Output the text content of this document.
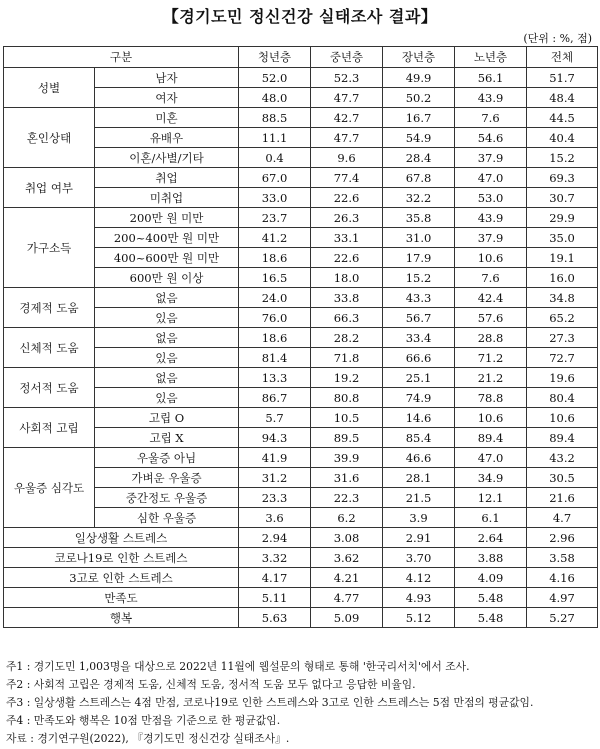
【경기도민 정신건강 실태조사 결과】
(단위 : %, 점)
구분		청년층	중년층	장년층	노년층	전체
성별	남자	52.0	52.3	49.9	56.1	51.7
	여자	48.0	47.7	50.2	43.9	48.4
혼인상태	미혼	88.5	42.7	16.7	7.6	44.5
	유배우	11.1	47.7	54.9	54.6	40.4
	이혼/사별/기타	0.4	9.6	28.4	37.9	15.2
취업 여부	취업	67.0	77.4	67.8	47.0	69.3
	미취업	33.0	22.6	32.2	53.0	30.7
가구소득	200만 원 미만	23.7	26.3	35.8	43.9	29.9
	200~400만 원 미만	41.2	33.1	31.0	37.9	35.0
	400~600만 원 미만	18.6	22.6	17.9	10.6	19.1
	600만 원 이상	16.5	18.0	15.2	7.6	16.0
경제적 도움	없음	24.0	33.8	43.3	42.4	34.8
	있음	76.0	66.3	56.7	57.6	65.2
신체적 도움	없음	18.6	28.2	33.4	28.8	27.3
	있음	81.4	71.8	66.6	71.2	72.7
정서적 도움	없음	13.3	19.2	25.1	21.2	19.6
	있음	86.7	80.8	74.9	78.8	80.4
사회적 고립	고립 O	5.7	10.5	14.6	10.6	10.6
	고립 X	94.3	89.5	85.4	89.4	89.4
우울증 심각도	우울증 아님	41.9	39.9	46.6	47.0	43.2
	가벼운 우울증	31.2	31.6	28.1	34.9	30.5
	중간정도 우울증	23.3	22.3	21.5	12.1	21.6
	심한 우울증	3.6	6.2	3.9	6.1	4.7
일상생활 스트레스		2.94	3.08	2.91	2.64	2.96
코로나19로 인한 스트레스		3.32	3.62	3.70	3.88	3.58
3고로 인한 스트레스		4.17	4.21	4.12	4.09	4.16
만족도		5.11	4.77	4.93	5.48	4.97
행복		5.63	5.09	5.12	5.48	5.27
주1 : 경기도민 1,003명을 대상으로 2022년 11월에 웹설문의 형태로 통해 '한국리서치'에서 조사.
주2 : 사회적 고립은 경제적 도움, 신체적 도움, 정서적 도움 모두 없다고 응답한 비율임.
주3 : 일상생활 스트레스는 4점 만점, 코로나19로 인한 스트레스와 3고로 인한 스트레스는 5점 만점의 평균값임.
주4 : 만족도와 행복은 10점 만점을 기준으로 한 평균값임.
자료 : 경기연구원(2022), 『경기도민 정신건강 실태조사』.
